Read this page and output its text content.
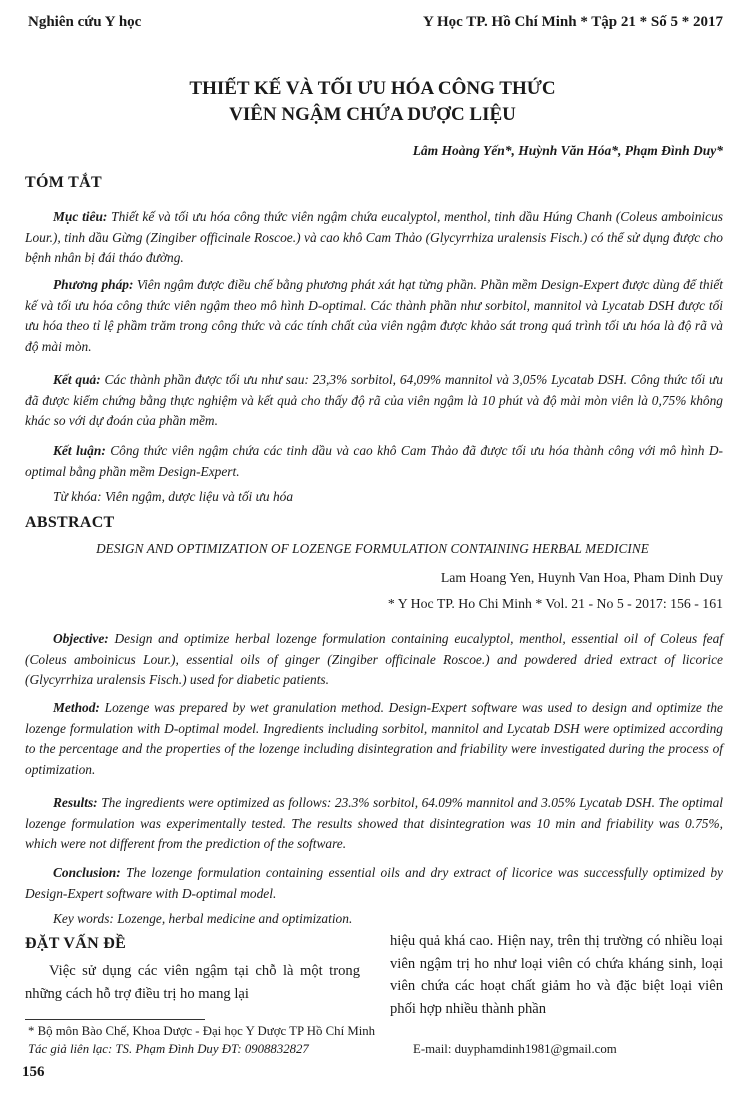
Nghiên cứu Y học	Y Học TP. Hồ Chí Minh * Tập 21 * Số 5 * 2017
THIẾT KẾ VÀ TỐI ƯU HÓA CÔNG THỨC
VIÊN NGẬM CHỨA DƯỢC LIỆU
Lâm Hoàng Yến*, Huỳnh Văn Hóa*, Phạm Đình Duy*
TÓM TẮT
Mục tiêu: Thiết kế và tối ưu hóa công thức viên ngậm chứa eucalyptol, menthol, tinh dầu Húng Chanh (Coleus amboinicus Lour.), tinh dầu Gừng (Zingiber officinale Roscoe.) và cao khô Cam Thảo (Glycyrrhiza uralensis Fisch.) có thể sử dụng được cho bệnh nhân bị đái tháo đường.
Phương pháp: Viên ngậm được điều chế bằng phương phát xát hạt từng phần. Phần mềm Design-Expert được dùng để thiết kế và tối ưu hóa công thức viên ngậm theo mô hình D-optimal. Các thành phần như sorbitol, mannitol và Lycatab DSH được tối ưu hóa theo tỉ lệ phầm trăm trong công thức và các tính chất của viên ngậm được khảo sát trong quá trình tối ưu hóa là độ rã và độ mài mòn.
Kết quả: Các thành phần được tối ưu như sau: 23,3% sorbitol, 64,09% mannitol và 3,05% Lycatab DSH. Công thức tối ưu đã được kiểm chứng bằng thực nghiệm và kết quả cho thấy độ rã của viên ngậm là 10 phút và độ mài mòn viên là 0,75% không khác so với dự đoán của phần mềm.
Kết luận: Công thức viên ngậm chứa các tinh dầu và cao khô Cam Thảo đã được tối ưu hóa thành công với mô hình D-optimal bằng phần mềm Design-Expert.
Từ khóa: Viên ngậm, dược liệu và tối ưu hóa
ABSTRACT
DESIGN AND OPTIMIZATION OF LOZENGE FORMULATION CONTAINING HERBAL MEDICINE
Lam Hoang Yen, Huynh Van Hoa, Pham Dinh Duy
* Y Hoc TP. Ho Chi Minh * Vol. 21 - No 5 - 2017: 156 - 161
Objective: Design and optimize herbal lozenge formulation containing eucalyptol, menthol, essential oil of Coleus feaf (Coleus amboinicus Lour.), essential oils of ginger (Zingiber officinale Roscoe.) and powdered dried extract of licorice (Glycyrrhiza uralensis Fisch.) used for diabetic patients.
Method: Lozenge was prepared by wet granulation method. Design-Expert software was used to design and optimize the lozenge formulation with D-optimal model. Ingredients including sorbitol, mannitol and Lycatab DSH were optimized according to the percentage and the properties of the lozenge including disintegration and friability were investigated during the process of optimization.
Results: The ingredients were optimized as follows: 23.3% sorbitol, 64.09% mannitol and 3.05% Lycatab DSH. The optimal lozenge formulation was experimentally tested. The results showed that disintegration was 10 min and friability was 0.75%, which were not different from the prediction of the software.
Conclusion: The lozenge formulation containing essential oils and dry extract of licorice was successfully optimized by Design-Expert software with D-optimal model.
Key words: Lozenge, herbal medicine and optimization.
ĐẶT VẤN ĐỀ
Việc sử dụng các viên ngậm tại chỗ là một trong những cách hỗ trợ điều trị ho mang lại
hiệu quả khá cao. Hiện nay, trên thị trường có nhiều loại viên ngậm trị ho như loại viên có chứa kháng sinh, loại viên chứa các hoạt chất giảm ho và đặc biệt loại viên phối hợp nhiều thành phần
* Bộ môn Bào Chế, Khoa Dược - Đại học Y Dược TP Hồ Chí Minh
Tác giả liên lạc: TS. Phạm Đình Duy ĐT: 0908832827	E-mail: duyphamdinh1981@gmail.com
156
